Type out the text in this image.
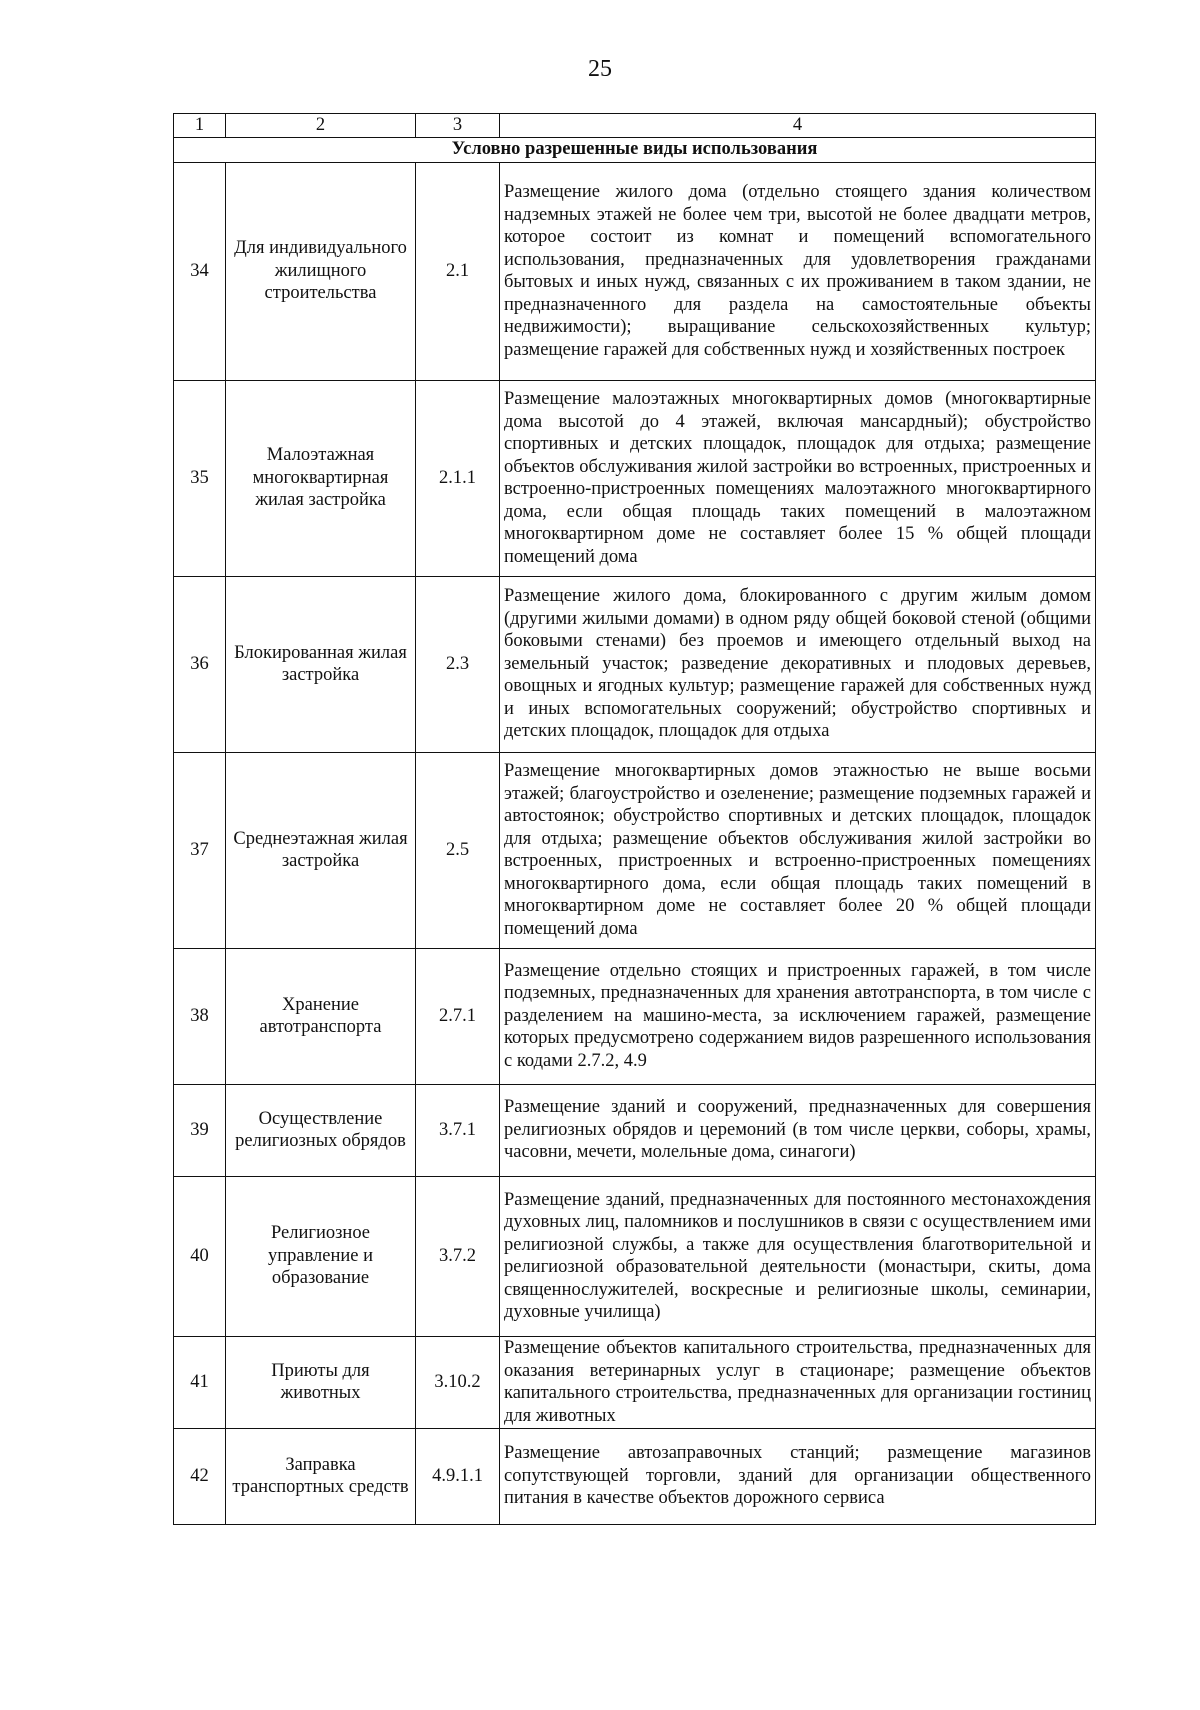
25
1	2	3	4
Условно разрешенные виды использования			
34	Для индивидуального жилищного строительства	2.1	Размещение жилого дома (отдельно стоящего здания количеством надземных этажей не более чем три, высотой не более двадцати метров, которое состоит из комнат и помещений вспомогательного использования, предназначенных для удовлетворения гражданами бытовых и иных нужд, связанных с их проживанием в таком здании, не предназначенного для раздела на самостоятельные объекты недвижимости); выращивание сельскохозяйственных культур; размещение гаражей для собственных нужд и хозяйственных построек
35	Малоэтажная многоквартирная жилая застройка	2.1.1	Размещение малоэтажных многоквартирных домов (многоквартирные дома высотой до 4 этажей, включая мансардный); обустройство спортивных и детских площадок, площадок для отдыха; размещение объектов обслуживания жилой застройки во встроенных, пристроенных и встроенно-пристроенных помещениях малоэтажного многоквартирного дома, если общая площадь таких помещений в малоэтажном многоквартирном доме не составляет более 15 % общей площади помещений дома
36	Блокированная жилая застройка	2.3	Размещение жилого дома, блокированного с другим жилым домом (другими жилыми домами) в одном ряду общей боковой стеной (общими боковыми стенами) без проемов и имеющего отдельный выход на земельный участок; разведение декоративных и плодовых деревьев, овощных и ягодных культур; размещение гаражей для собственных нужд и иных вспомогательных сооружений; обустройство спортивных и детских площадок, площадок для отдыха
37	Среднеэтажная жилая застройка	2.5	Размещение многоквартирных домов этажностью не выше восьми этажей; благоустройство и озеленение; размещение подземных гаражей и автостоянок; обустройство спортивных и детских площадок, площадок для отдыха; размещение объектов обслуживания жилой застройки во встроенных, пристроенных и встроенно-пристроенных помещениях многоквартирного дома, если общая площадь таких помещений в многоквартирном доме не составляет более 20 % общей площади помещений дома
38	Хранение автотранспорта	2.7.1	Размещение отдельно стоящих и пристроенных гаражей, в том числе подземных, предназначенных для хранения автотранспорта, в том числе с разделением на машино-места, за исключением гаражей, размещение которых предусмотрено содержанием видов разрешенного использования с кодами 2.7.2, 4.9
39	Осуществление религиозных обрядов	3.7.1	Размещение зданий и сооружений, предназначенных для совершения религиозных обрядов и церемоний (в том числе церкви, соборы, храмы, часовни, мечети, молельные дома, синагоги)
40	Религиозное управление и образование	3.7.2	Размещение зданий, предназначенных для постоянного местонахождения духовных лиц, паломников и послушников в связи с осуществлением ими религиозной службы, а также для осуществления благотворительной и религиозной образовательной деятельности (монастыри, скиты, дома священнослужителей, воскресные и религиозные школы, семинарии, духовные училища)
41	Приюты для животных	3.10.2	Размещение объектов капитального строительства, предназначенных для оказания ветеринарных услуг в стационаре; размещение объектов капитального строительства, предназначенных для организации гостиниц для животных
42	Заправка транспортных средств	4.9.1.1	Размещение автозаправочных станций; размещение магазинов сопутствующей торговли, зданий для организации общественного питания в качестве объектов дорожного сервиса
